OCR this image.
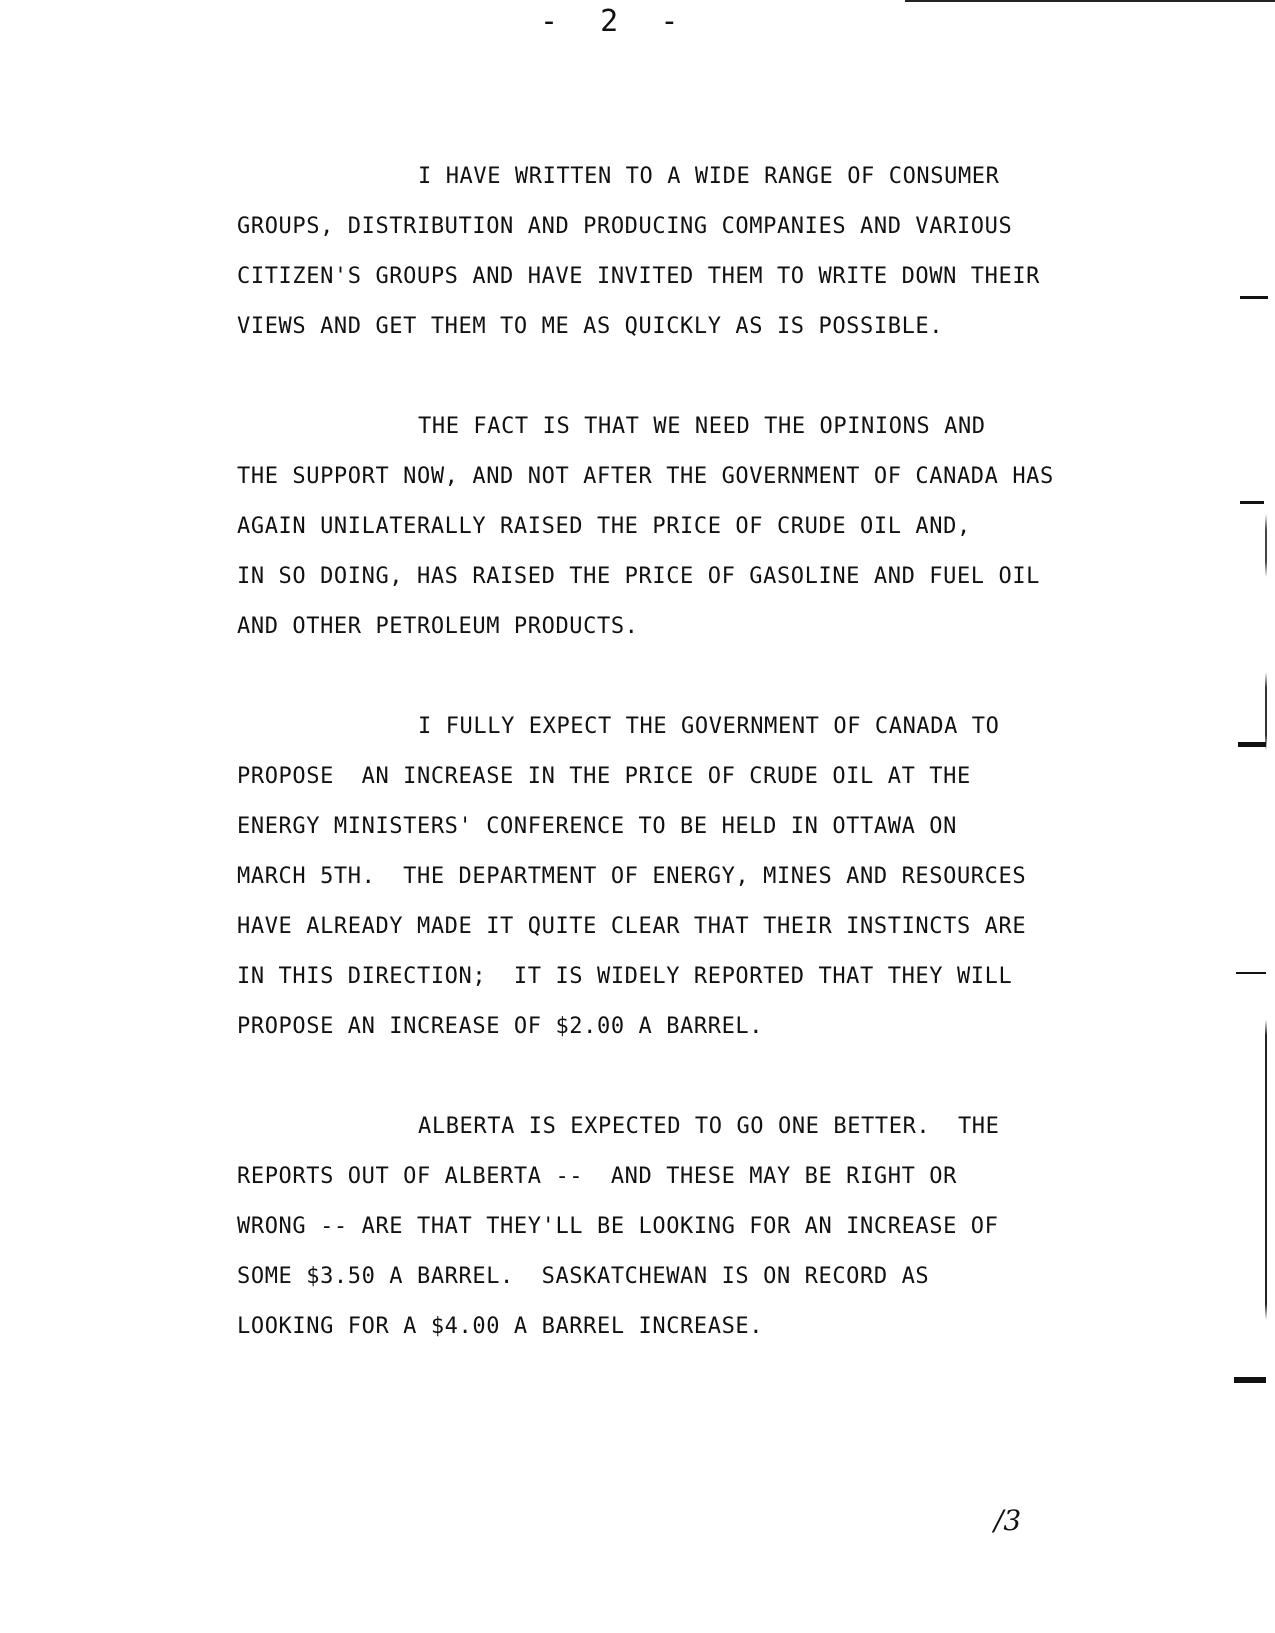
-  2  -
I HAVE WRITTEN TO A WIDE RANGE OF CONSUMER
GROUPS, DISTRIBUTION AND PRODUCING COMPANIES AND VARIOUS
CITIZEN'S GROUPS AND HAVE INVITED THEM TO WRITE DOWN THEIR
VIEWS AND GET THEM TO ME AS QUICKLY AS IS POSSIBLE.
THE FACT IS THAT WE NEED THE OPINIONS AND
THE SUPPORT NOW, AND NOT AFTER THE GOVERNMENT OF CANADA HAS
AGAIN UNILATERALLY RAISED THE PRICE OF CRUDE OIL AND,
IN SO DOING, HAS RAISED THE PRICE OF GASOLINE AND FUEL OIL
AND OTHER PETROLEUM PRODUCTS.
I FULLY EXPECT THE GOVERNMENT OF CANADA TO
PROPOSE  AN INCREASE IN THE PRICE OF CRUDE OIL AT THE
ENERGY MINISTERS' CONFERENCE TO BE HELD IN OTTAWA ON
MARCH 5TH.  THE DEPARTMENT OF ENERGY, MINES AND RESOURCES
HAVE ALREADY MADE IT QUITE CLEAR THAT THEIR INSTINCTS ARE
IN THIS DIRECTION;  IT IS WIDELY REPORTED THAT THEY WILL
PROPOSE AN INCREASE OF $2.00 A BARREL.
ALBERTA IS EXPECTED TO GO ONE BETTER.  THE
REPORTS OUT OF ALBERTA --  AND THESE MAY BE RIGHT OR
WRONG -- ARE THAT THEY'LL BE LOOKING FOR AN INCREASE OF
SOME $3.50 A BARREL.  SASKATCHEWAN IS ON RECORD AS
LOOKING FOR A $4.00 A BARREL INCREASE.
/3
